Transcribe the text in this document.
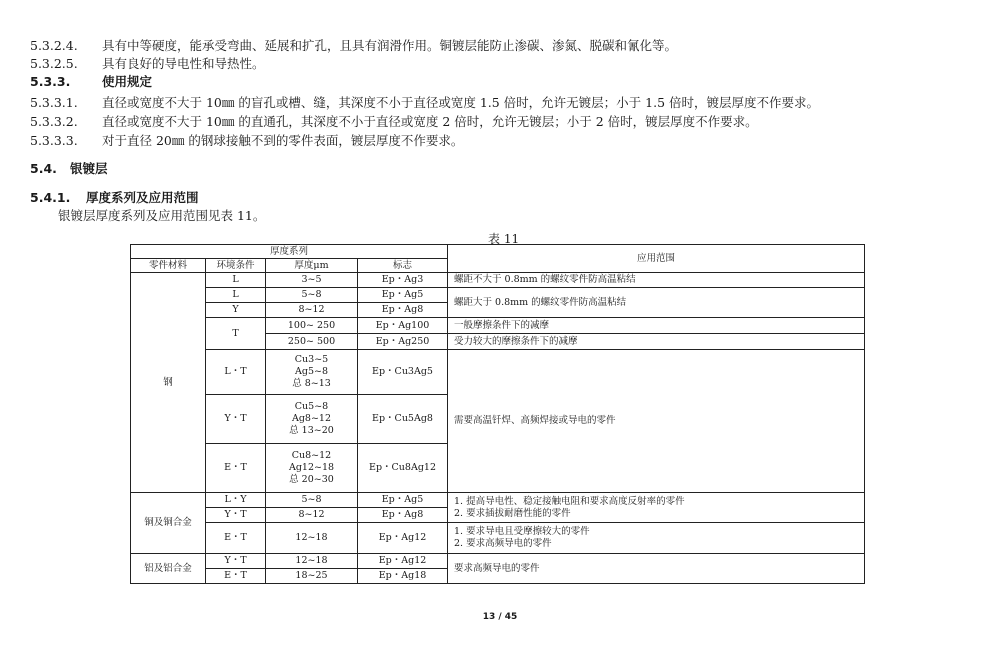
5.3.2.4. 具有中等硬度，能承受弯曲、延展和扩孔，且具有润滑作用。铜镀层能防止渗碳、渗氮、脱碳和氰化等。
5.3.2.5. 具有良好的导电性和导热性。
5.3.3.	使用规定
5.3.3.1. 直径或宽度不大于 10㎜ 的盲孔或槽、缝，其深度不小于直径或宽度 1.5 倍时，允许无镀层；小于 1.5 倍时，镀层厚度不作要求。
5.3.3.2. 直径或宽度不大于 10㎜ 的直通孔，其深度不小于直径或宽度 2 倍时，允许无镀层；小于 2 倍时，镀层厚度不作要求。
5.3.3.3. 对于直径 20㎜ 的钢球接触不到的零件表面，镀层厚度不作要求。
5.4. 银镀层
5.4.1. 厚度系列及应用范围
银镀层厚度系列及应用范围见表 11。
表 11
厚度系列				应用范围
零件材料	环境条件	厚度μm	标志	
钢	L	3~5	Ep・Ag3	螺距不大于 0.8mm 的螺纹零件防高温粘结
	L	5~8	Ep・Ag5	螺距大于 0.8mm 的螺纹零件防高温粘结
	Y	8~12	Ep・Ag8	
	T	100~ 250	Ep・Ag100	一般摩擦条件下的减摩
		250~ 500	Ep・Ag250	受力较大的摩擦条件下的减摩
	L・T	Cu3~5
Ag5~8
总 8~13	Ep・Cu3Ag5	需要高温钎焊、高频焊接或导电的零件
	Y・T	Cu5~8
Ag8~12
总 13~20	Ep・Cu5Ag8	
	E・T	Cu8~12
Ag12~18
总 20~30	Ep・Cu8Ag12	
铜及铜合金	L・Y	5~8	Ep・Ag5	1. 提高导电性、稳定接触电阻和要求高度反射率的零件
2. 要求插拔耐磨性能的零件

	Y・T	8~12	Ep・Ag8	
	E・T	12~18	Ep・Ag12	1. 要求导电且受摩擦较大的零件
2. 要求高频导电的零件

铝及铝合金	Y・T	12~18	Ep・Ag12	要求高频导电的零件
	E・T	18~25	Ep・Ag18	
13 / 45
